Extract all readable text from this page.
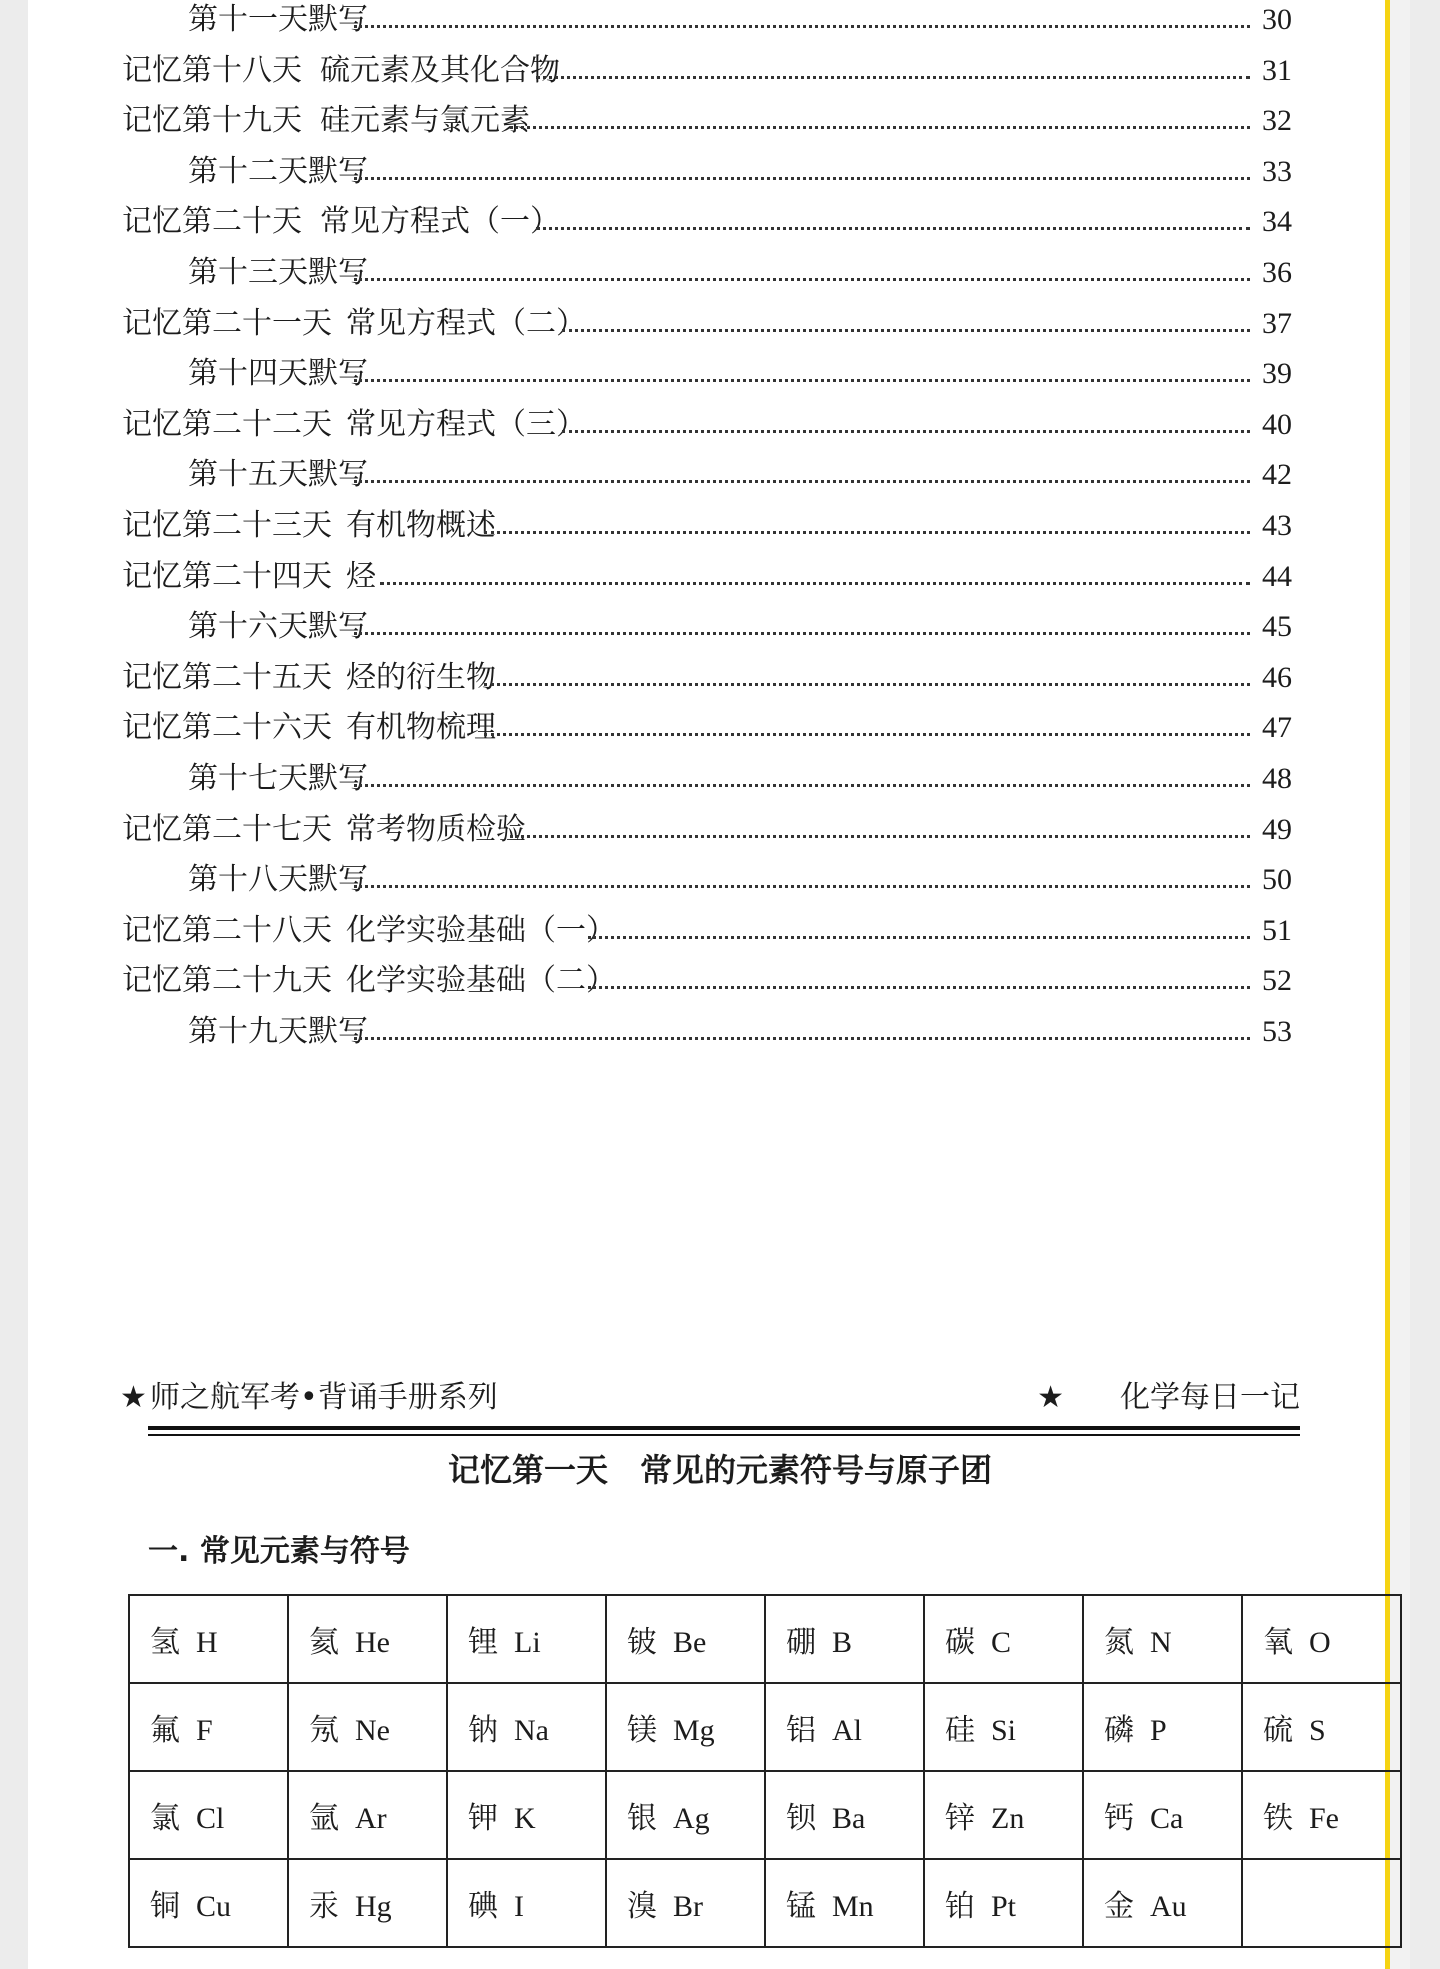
第十一天默写	30
记忆第十八天 硫元素及其化合物	31
记忆第十九天 硅元素与氯元素	32
第十二天默写	33
记忆第二十天 常见方程式（一）	34
第十三天默写	36
记忆第二十一天 常见方程式（二）	37
第十四天默写	39
记忆第二十二天 常见方程式（三）	40
第十五天默写	42
记忆第二十三天 有机物概述	43
记忆第二十四天 烃	44
第十六天默写	45
记忆第二十五天 烃的衍生物	46
记忆第二十六天 有机物梳理	47
第十七天默写	48
记忆第二十七天 常考物质检验	49
第十八天默写	50
记忆第二十八天 化学实验基础（一）	51
记忆第二十九天 化学实验基础（二）	52
第十九天默写	53
★ 师之航军考•背诵手册系列	★ 化学每日一记
记忆第一天　常见的元素符号与原子团
一. 常见元素与符号
氢 H	氦 He	锂 Li	铍 Be	硼 B	碳 C	氮 N	氧 O
氟 F	氖 Ne	钠 Na	镁 Mg	铝 Al	硅 Si	磷 P	硫 S
氯 Cl	氩 Ar	钾 K	银 Ag	钡 Ba	锌 Zn	钙 Ca	铁 Fe
铜 Cu	汞 Hg	碘 I	溴 Br	锰 Mn	铂 Pt	金 Au	
